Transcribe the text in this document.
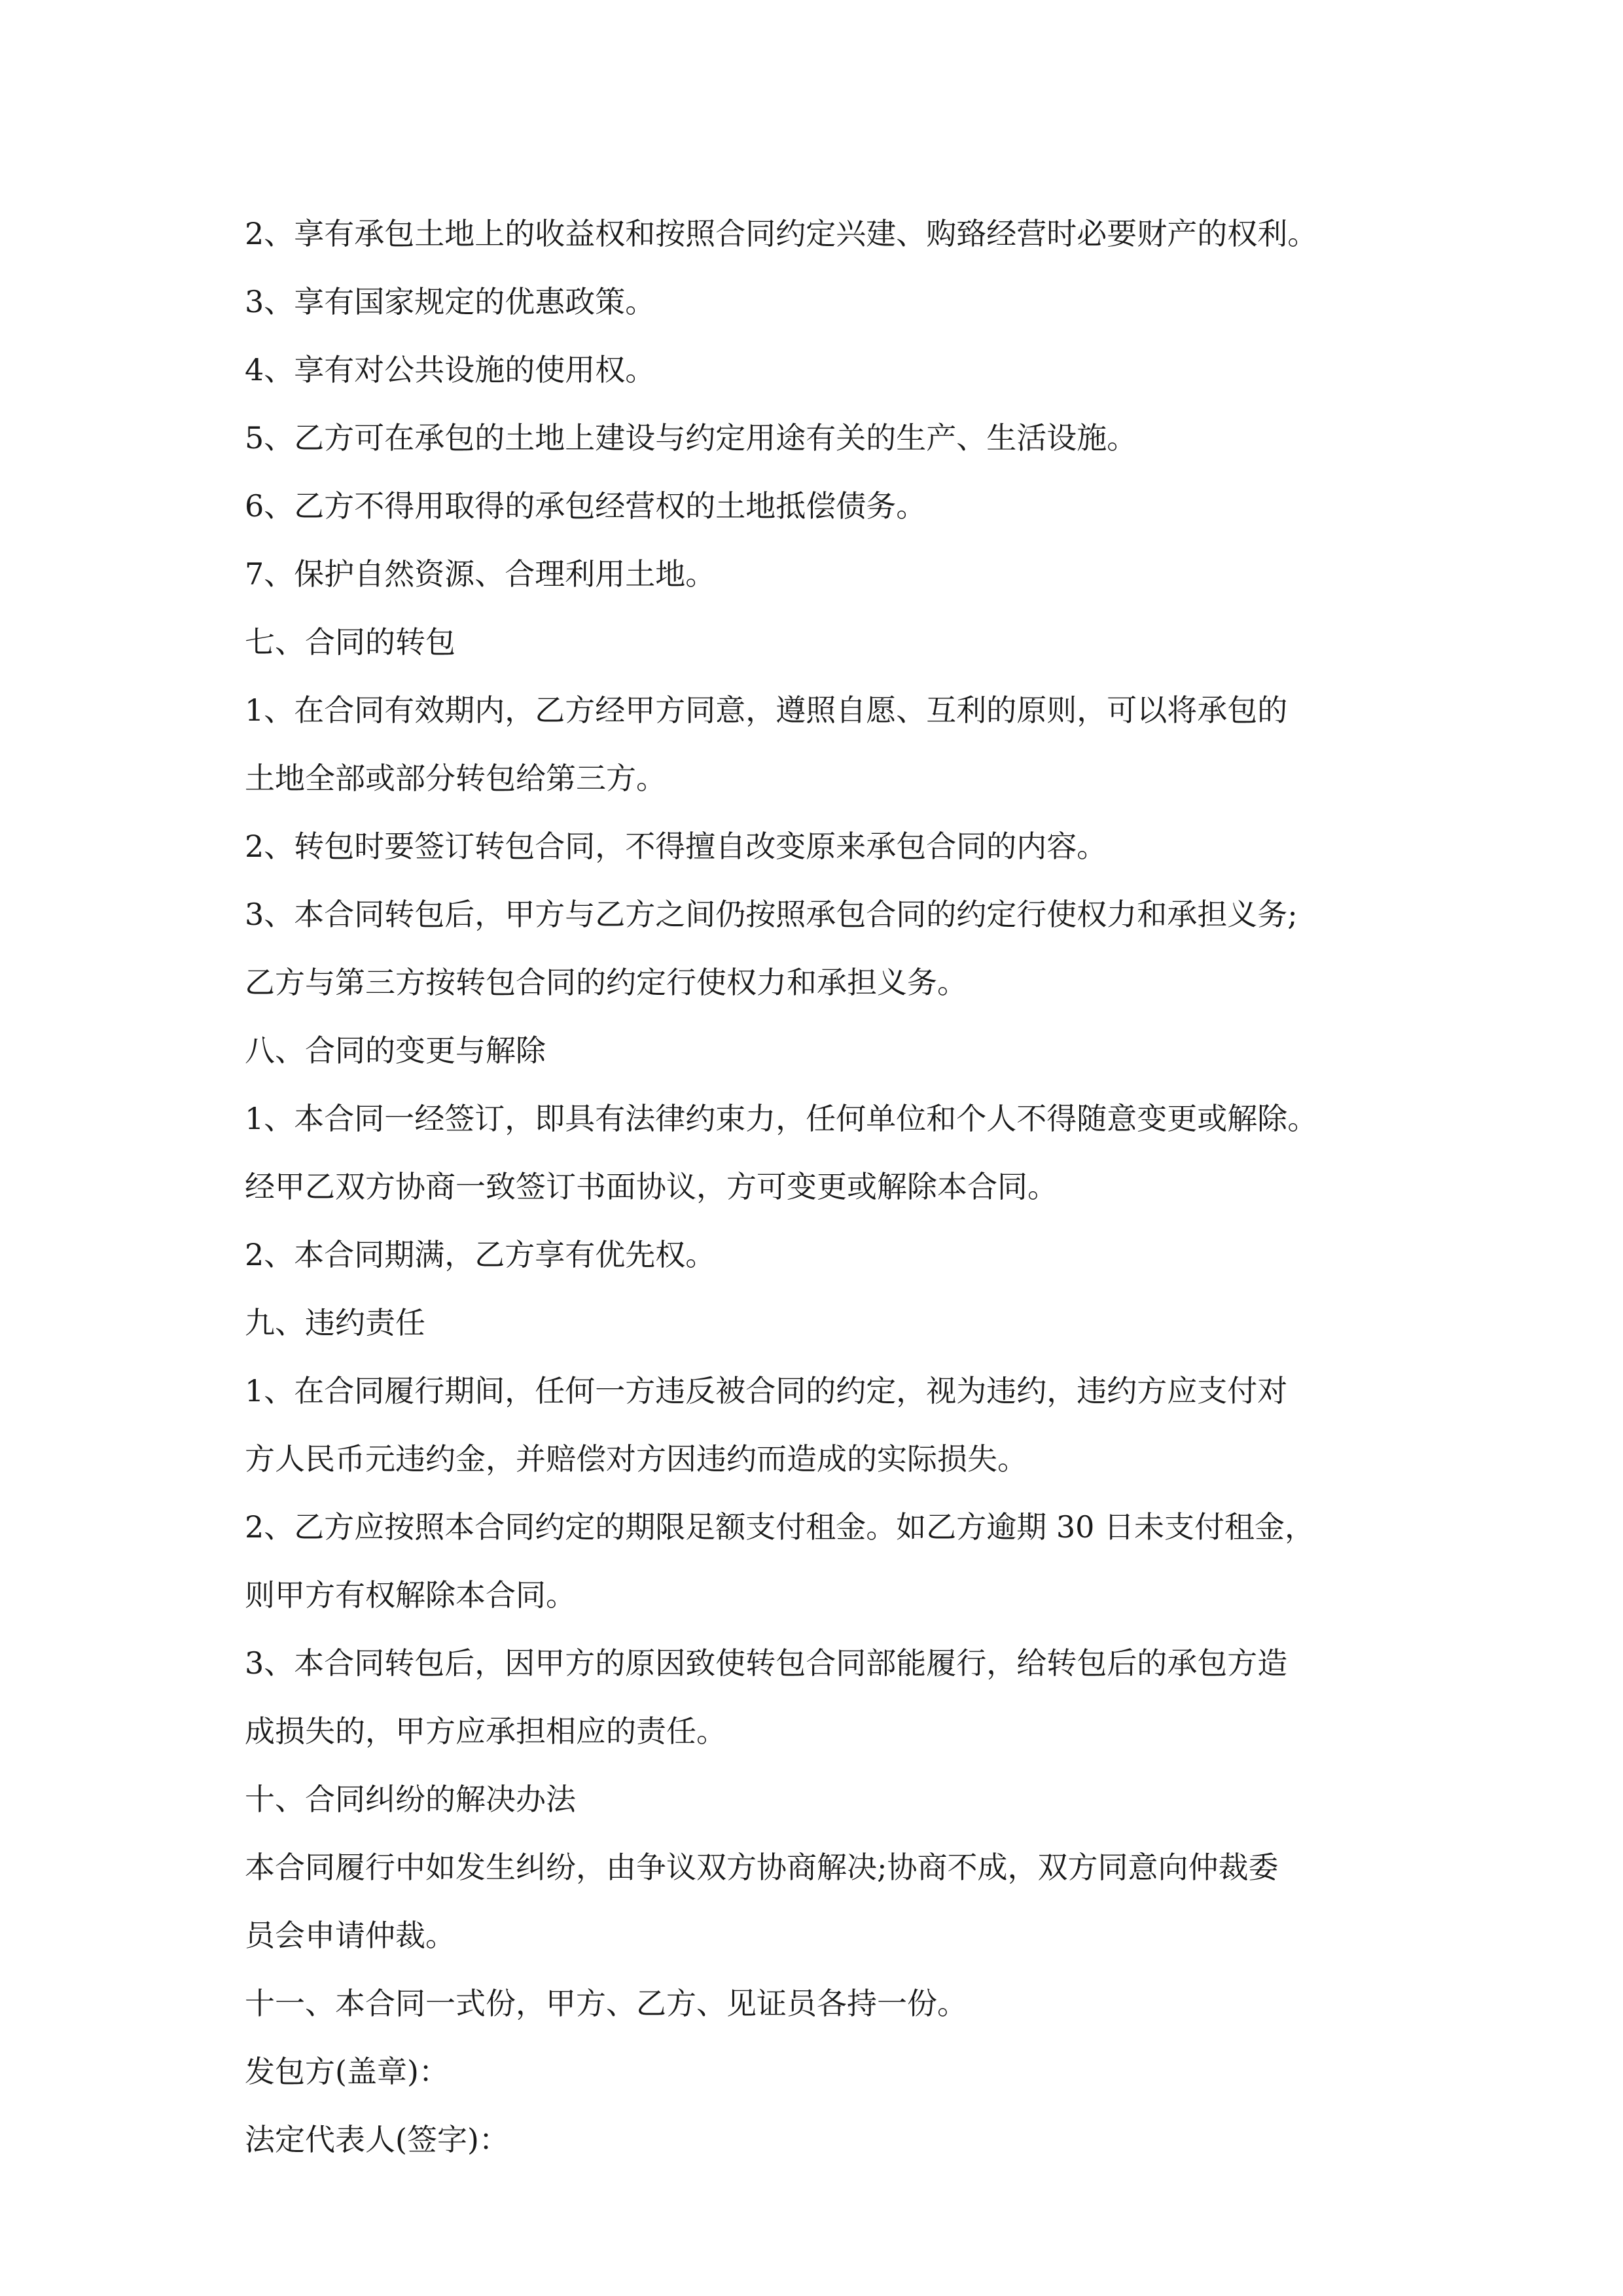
2、享有承包土地上的收益权和按照合同约定兴建、购臵经营时必要财产的权利。

3、享有国家规定的优惠政策。

4、享有对公共设施的使用权。

5、乙方可在承包的土地上建设与约定用途有关的生产、生活设施。

6、乙方不得用取得的承包经营权的土地抵偿债务。

7、保护自然资源、合理利用土地。

七、合同的转包

1、在合同有效期内，乙方经甲方同意，遵照自愿、互利的原则，可以将承包的

土地全部或部分转包给第三方。

2、转包时要签订转包合同，不得擅自改变原来承包合同的内容。

3、本合同转包后，甲方与乙方之间仍按照承包合同的约定行使权力和承担义务;

乙方与第三方按转包合同的约定行使权力和承担义务。

八、合同的变更与解除

1、本合同一经签订，即具有法律约束力，任何单位和个人不得随意变更或解除。

经甲乙双方协商一致签订书面协议，方可变更或解除本合同。

2、本合同期满，乙方享有优先权。

九、违约责任

1、在合同履行期间，任何一方违反被合同的约定，视为违约，违约方应支付对

方人民币元违约金，并赔偿对方因违约而造成的实际损失。

2、乙方应按照本合同约定的期限足额支付租金。如乙方逾期 30 日未支付租金，

则甲方有权解除本合同。

3、本合同转包后，因甲方的原因致使转包合同部能履行，给转包后的承包方造

成损失的，甲方应承担相应的责任。

十、合同纠纷的解决办法

本合同履行中如发生纠纷，由争议双方协商解决;协商不成，双方同意向仲裁委

员会申请仲裁。

十一、本合同一式份，甲方、乙方、见证员各持一份。

发包方(盖章)：

法定代表人(签字)：
